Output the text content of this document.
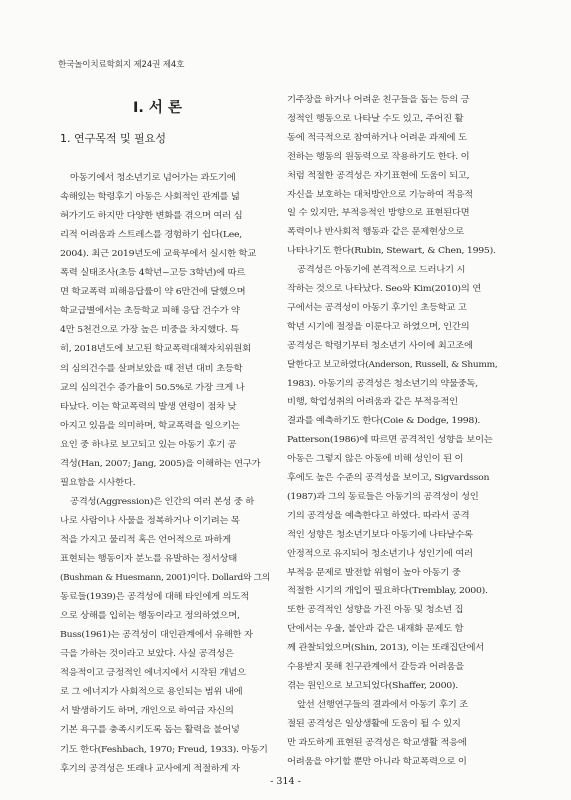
한국놀이치료학회지 제24권 제4호
Ⅰ. 서 론
1. 연구목적 및 필요성
- 314 -
아동기에서 청소년기로 넘어가는 과도기에
속해있는 학령후기 아동은 사회적인 관계를 넓
혀가기도 하지만 다양한 변화를 겪으며 여러 심
리적 어려움과 스트레스를 경험하기 쉽다(Lee,
2004). 최근 2019년도에 교육부에서 실시한 학교
폭력 실태조사(초등 4학년~고등 3학년)에 따르
면 학교폭력 피해응답률이 약 6만건에 달했으며
학교급별에서는 초등학교 피해 응답 건수가 약
4만 5천건으로 가장 높은 비중을 차지했다. 특
히, 2018년도에 보고된 학교폭력대책자치위원회
의 심의건수를 살펴보았을 때 전년 대비 초등학
교의 심의건수 증가율이 50.5%로 가장 크게 나
타났다. 이는 학교폭력의 발생 연령이 점차 낮
아지고 있음을 의미하며, 학교폭력을 일으키는
요인 중 하나로 보고되고 있는 아동기 후기 공
격성(Han, 2007; Jang, 2005)을 이해하는 연구가
필요함을 시사한다.
공격성(Aggression)은 인간의 여러 본성 중 하
나로 사람이나 사물을 정복하거나 이기려는 목
적을 가지고 물리적 혹은 언어적으로 파하게
표현되는 행동이자 분노를 유발하는 정서상태
(Bushman & Huesmann, 2001)이다. Dollard와 그의
동료들(1939)은 공격성에 대해 타인에게 의도적
으로 상해를 입히는 행동이라고 정의하였으며,
Buss(1961)는 공격성이 대인관계에서 유해한 자
극을 가하는 것이라고 보았다. 사실 공격성은
적응적이고 긍정적인 에너지에서 시작된 개념으
로 그 에너지가 사회적으로 용인되는 범위 내에
서 발생하기도 하며, 개인으로 하여금 자신의
기본 욕구를 충족시키도록 돕는 활력을 불어넣
기도 한다(Feshbach, 1970; Freud, 1933). 아동기
후기의 공격성은 또래나 교사에게 적절하게 자
기주장을 하거나 어려운 친구들을 돕는 등의 긍
정적인 행동으로 나타날 수도 있고, 주어진 활
동에 적극적으로 참여하거나 어려운 과제에 도
전하는 행동의 원동력으로 작용하기도 한다. 이
처럼 적절한 공격성은 자기표현에 도움이 되고,
자신을 보호하는 대처방안으로 기능하여 적응적
일 수 있지만, 부적응적인 방향으로 표현된다면
폭력이나 반사회적 행동과 같은 문제현상으로
나타나기도 한다(Rubin, Stewart, & Chen, 1995).
공격성은 아동기에 본격적으로 드러나기 시
작하는 것으로 나타났다. Seo와 Kim(2010)의 연
구에서는 공격성이 아동기 후기인 초등학교 고
학년 시기에 절정을 이룬다고 하였으며, 인간의
공격성은 학령기부터 청소년기 사이에 최고조에
달한다고 보고하였다(Anderson, Russell, & Shumm,
1983). 아동기의 공격성은 청소년기의 약물중독,
비행, 학업성취의 어려움과 같은 부적응적인
결과를 예측하기도 한다(Coie & Dodge, 1998).
Patterson(1986)에 따르면 공격적인 성향을 보이는
아동은 그렇지 않은 아동에 비해 성인이 된 이
후에도 높은 수준의 공격성을 보이고, Sigvardsson
(1987)과 그의 동료들은 아동기의 공격성이 성인
기의 공격성을 예측한다고 하였다. 따라서 공격
적인 성향은 청소년기보다 아동기에 나타날수록
안정적으로 유지되어 청소년기나 성인기에 여러
부적응 문제로 발전할 위험이 높아 아동기 중
적절한 시기의 개입이 필요하다(Tremblay, 2000).
또한 공격적인 성향을 가진 아동 및 청소년 집
단에서는 우울, 불안과 같은 내재화 문제도 함
께 관찰되었으며(Shin, 2013), 이는 또래집단에서
수용받지 못해 친구관계에서 갈등과 어려움을
겪는 원인으로 보고되었다(Shaffer, 2000).
앞선 선행연구들의 결과에서 아동기 후기 조
절된 공격성은 일상생활에 도움이 될 수 있지
만 과도하게 표현된 공격성은 학교생활 적응에
어려움을 야기할 뿐만 아니라 학교폭력으로 이
